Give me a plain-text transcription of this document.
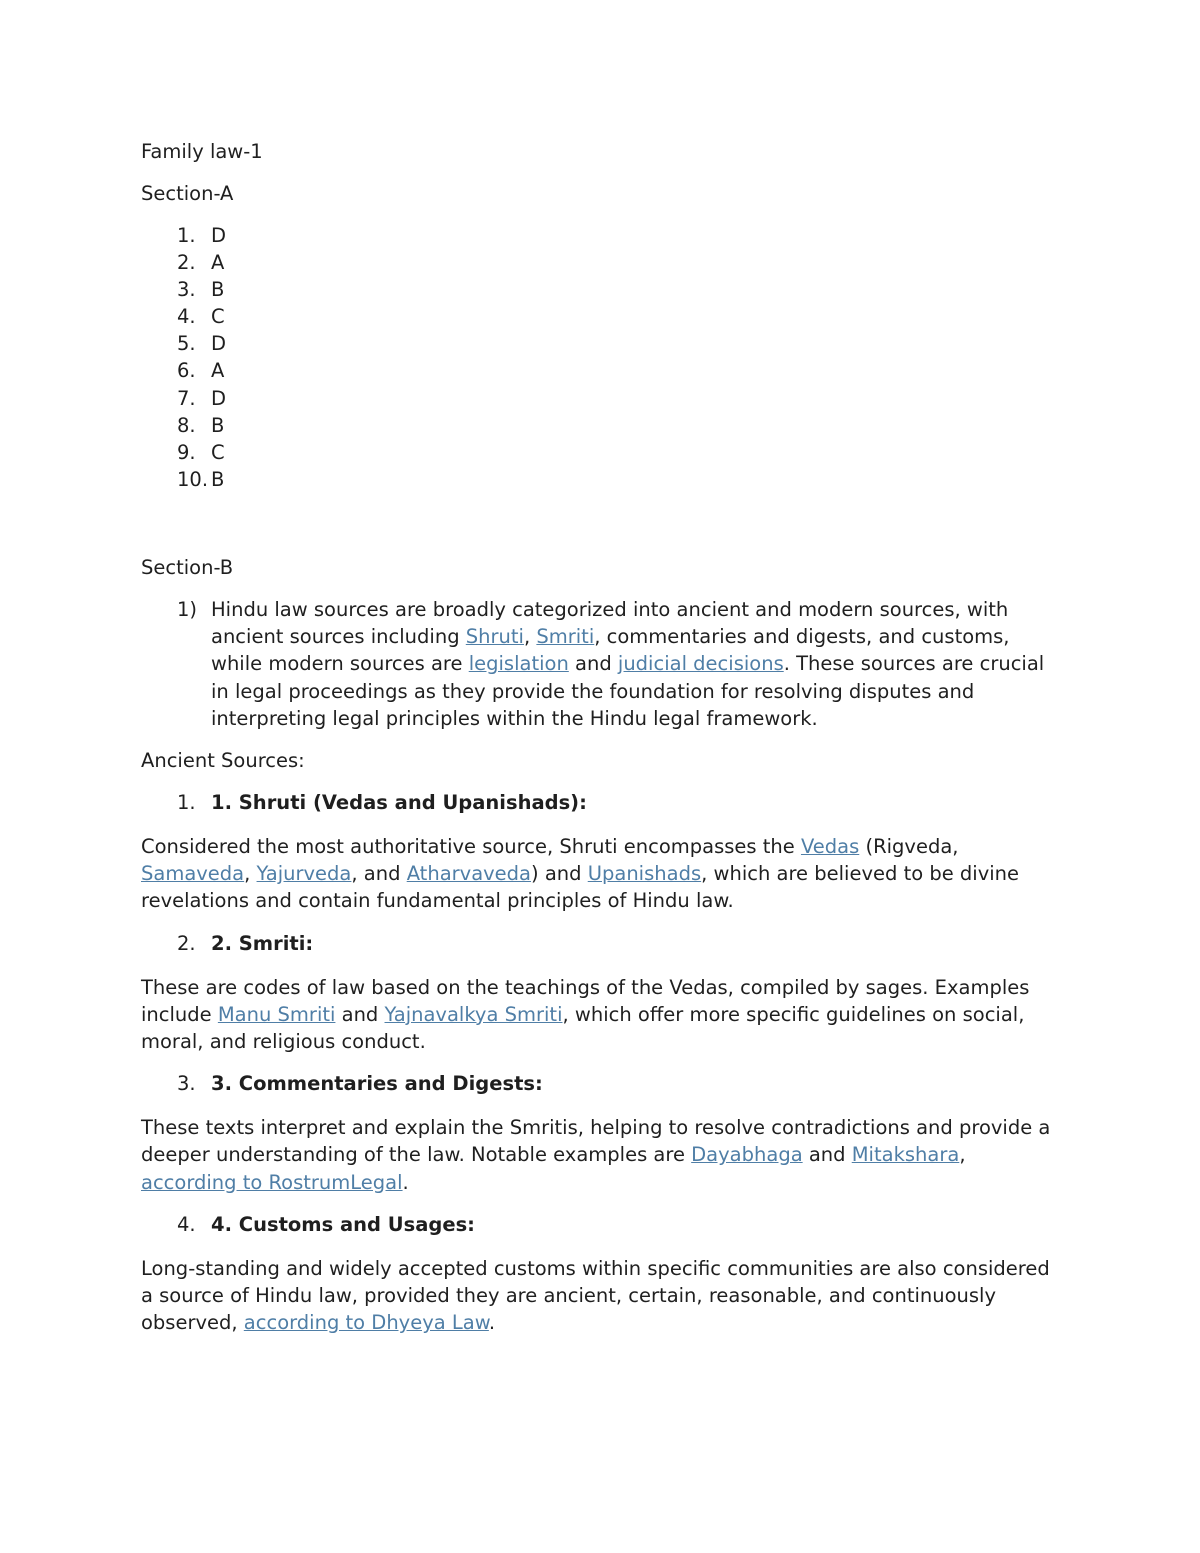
Family law-1

Section-A

1. D
2. A
3. B
4. C
5. D
6. A
7. D
8. B
9. C
10. B

Section-B

1) Hindu law sources are broadly categorized into ancient and modern sources, with ancient sources including Shruti, Smriti, commentaries and digests, and customs, while modern sources are legislation and judicial decisions. These sources are crucial in legal proceedings as they provide the foundation for resolving disputes and interpreting legal principles within the Hindu legal framework.

Ancient Sources:

1. 1. Shruti (Vedas and Upanishads):

Considered the most authoritative source, Shruti encompasses the Vedas (Rigveda, Samaveda, Yajurveda, and Atharvaveda) and Upanishads, which are believed to be divine revelations and contain fundamental principles of Hindu law.

2. 2. Smriti:

These are codes of law based on the teachings of the Vedas, compiled by sages. Examples include Manu Smriti and Yajnavalkya Smriti, which offer more specific guidelines on social, moral, and religious conduct.

3. 3. Commentaries and Digests:

These texts interpret and explain the Smritis, helping to resolve contradictions and provide a deeper understanding of the law. Notable examples are Dayabhaga and Mitakshara, according to RostrumLegal.

4. 4. Customs and Usages:

Long-standing and widely accepted customs within specific communities are also considered a source of Hindu law, provided they are ancient, certain, reasonable, and continuously observed, according to Dhyeya Law.
